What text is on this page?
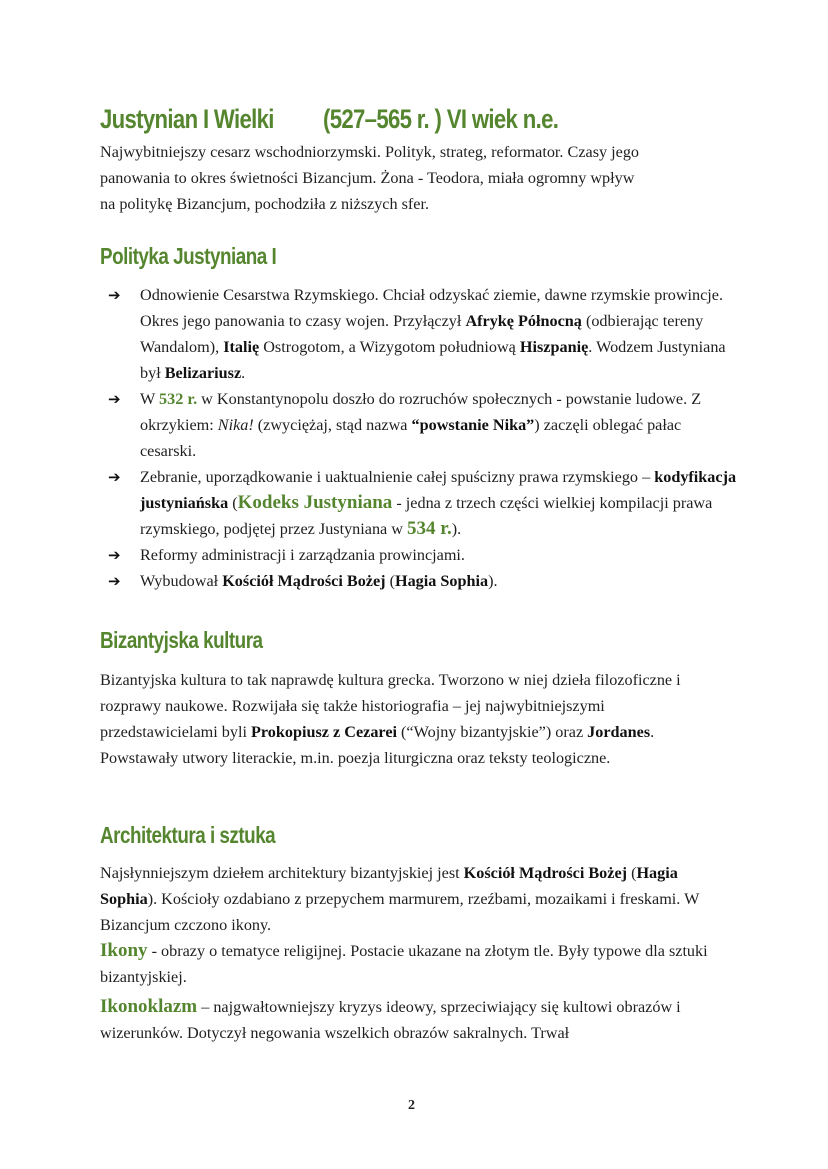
Justynian I Wielki (527–565 r. ) VI wiek n.e.

Najwybitniejszy cesarz wschodniorzymski. Polityk, strateg, reformator. Czasy jego

panowania to okres świetności Bizancjum. Żona - Teodora, miała ogromny wpływ

na politykę Bizancjum, pochodziła z niższych sfer.

Polityka Justyniana I
➔ Odnowienie Cesarstwa Rzymskiego. Chciał odzyskać ziemie, dawne rzymskie prowincje. Okres jego panowania to czasy wojen. Przyłączył Afrykę Północną (odbierając tereny Wandalom), Italię Ostrogotom, a Wizygotom południową Hiszpanię. Wodzem Justyniana był Belizariusz.
➔ W 532 r. w Konstantynopolu doszło do rozruchów społecznych - powstanie ludowe. Z okrzykiem: Nika! (zwyciężaj, stąd nazwa “powstanie Nika”) zaczęli oblegać pałac cesarski.
➔ Zebranie, uporządkowanie i uaktualnienie całej spuścizny prawa rzymskiego – kodyfikacja justyniańska (Kodeks Justyniana - jedna z trzech części wielkiej kompilacji prawa rzymskiego, podjętej przez Justyniana w 534 r.).
➔ Reformy administracji i zarządzania prowincjami.
➔ Wybudował Kościół Mądrości Bożej (Hagia Sophia).
Bizantyjska kultura

Bizantyjska kultura to tak naprawdę kultura grecka. Tworzono w niej dzieła filozoficzne i rozprawy naukowe. Rozwijała się także historiografia – jej najwybitniejszymi przedstawicielami byli Prokopiusz z Cezarei (“Wojny bizantyjskie”) oraz Jordanes. Powstawały utwory literackie, m.in. poezja liturgiczna oraz teksty teologiczne.

Architektura i sztuka

Najsłynniejszym dziełem architektury bizantyjskiej jest Kościół Mądrości Bożej (Hagia Sophia). Kościoły ozdabiano z przepychem marmurem, rzeźbami, mozaikami i freskami. W Bizancjum czczono ikony.

Ikony - obrazy o tematyce religijnej. Postacie ukazane na złotym tle. Były typowe dla sztuki bizantyjskiej.

Ikonoklazm – najgwałtowniejszy kryzys ideowy, sprzeciwiający się kultowi obrazów i wizerunków. Dotyczył negowania wszelkich obrazów sakralnych. Trwał

2
